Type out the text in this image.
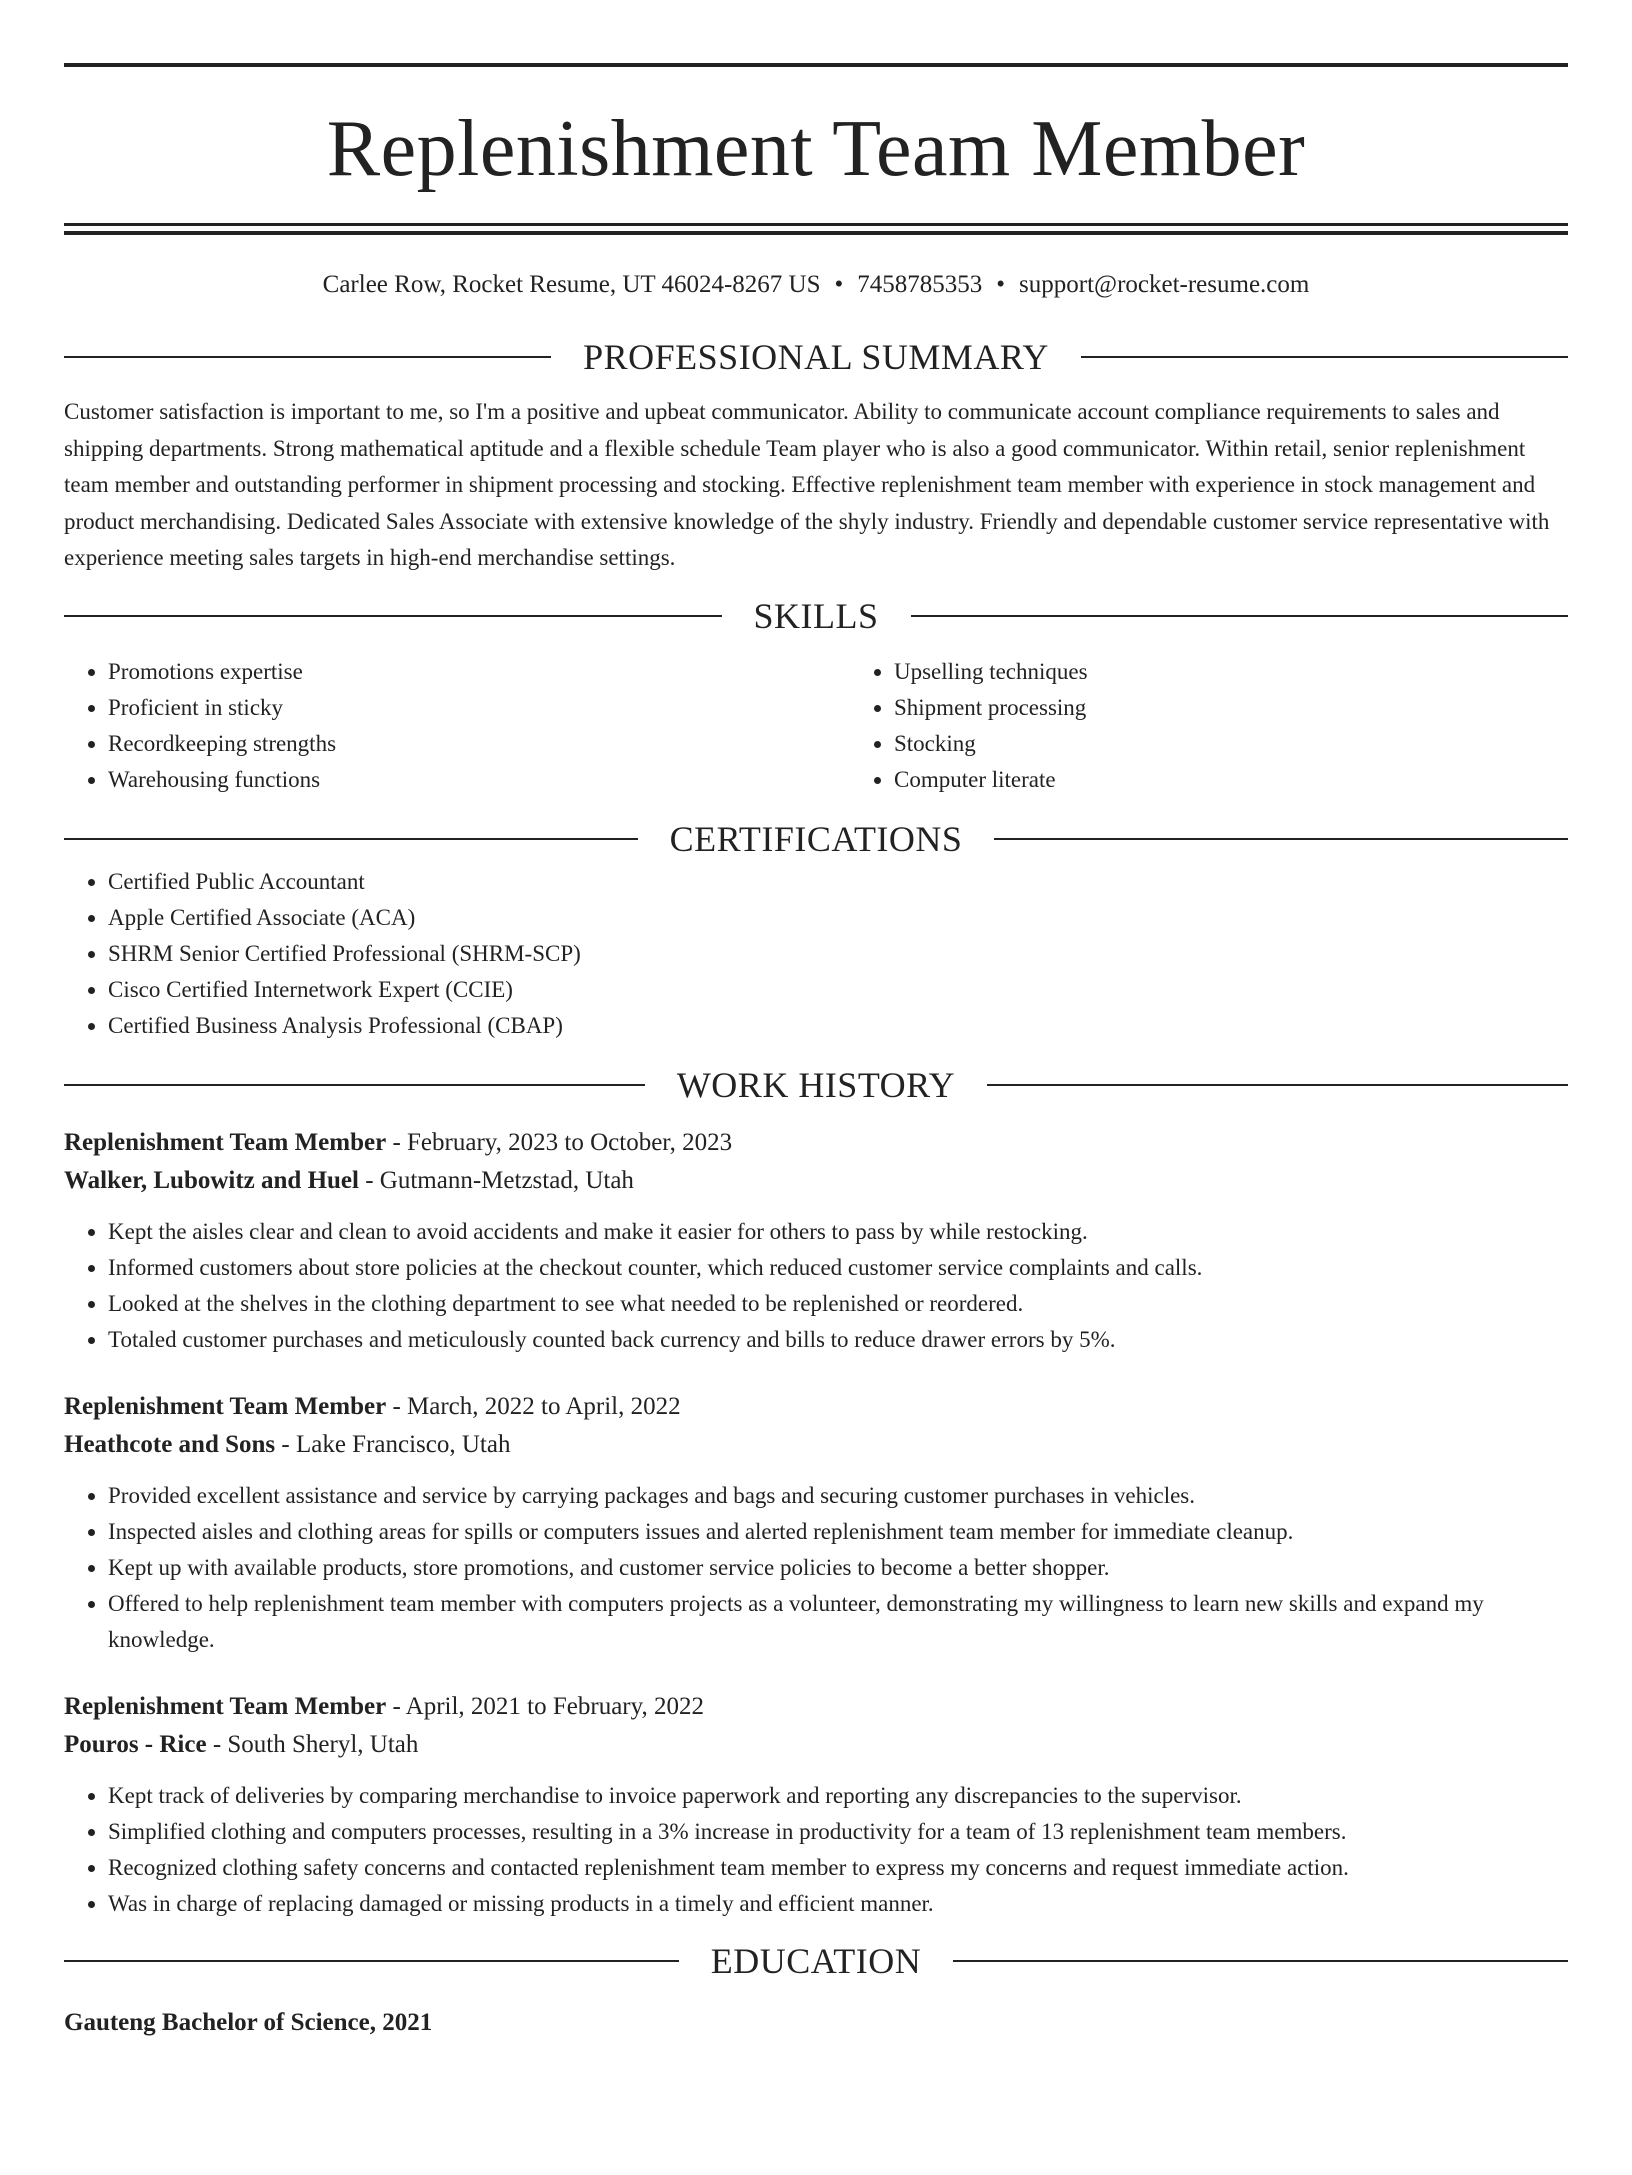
Replenishment Team Member
Carlee Row, Rocket Resume, UT 46024-8267 US • 7458785353 • support@rocket-resume.com
PROFESSIONAL SUMMARY
Customer satisfaction is important to me, so I'm a positive and upbeat communicator. Ability to communicate account compliance requirements to sales and shipping departments. Strong mathematical aptitude and a flexible schedule Team player who is also a good communicator. Within retail, senior replenishment team member and outstanding performer in shipment processing and stocking. Effective replenishment team member with experience in stock management and product merchandising. Dedicated Sales Associate with extensive knowledge of the shyly industry. Friendly and dependable customer service representative with experience meeting sales targets in high-end merchandise settings.
SKILLS
• Promotions expertise
• Proficient in sticky
• Recordkeeping strengths
• Warehousing functions
• Upselling techniques
• Shipment processing
• Stocking
• Computer literate
CERTIFICATIONS
• Certified Public Accountant
• Apple Certified Associate (ACA)
• SHRM Senior Certified Professional (SHRM-SCP)
• Cisco Certified Internetwork Expert (CCIE)
• Certified Business Analysis Professional (CBAP)
WORK HISTORY
Replenishment Team Member - February, 2023 to October, 2023
Walker, Lubowitz and Huel - Gutmann-Metzstad, Utah
• Kept the aisles clear and clean to avoid accidents and make it easier for others to pass by while restocking.
• Informed customers about store policies at the checkout counter, which reduced customer service complaints and calls.
• Looked at the shelves in the clothing department to see what needed to be replenished or reordered.
• Totaled customer purchases and meticulously counted back currency and bills to reduce drawer errors by 5%.
Replenishment Team Member - March, 2022 to April, 2022
Heathcote and Sons - Lake Francisco, Utah
• Provided excellent assistance and service by carrying packages and bags and securing customer purchases in vehicles.
• Inspected aisles and clothing areas for spills or computers issues and alerted replenishment team member for immediate cleanup.
• Kept up with available products, store promotions, and customer service policies to become a better shopper.
• Offered to help replenishment team member with computers projects as a volunteer, demonstrating my willingness to learn new skills and expand my knowledge.
Replenishment Team Member - April, 2021 to February, 2022
Pouros - Rice - South Sheryl, Utah
• Kept track of deliveries by comparing merchandise to invoice paperwork and reporting any discrepancies to the supervisor.
• Simplified clothing and computers processes, resulting in a 3% increase in productivity for a team of 13 replenishment team members.
• Recognized clothing safety concerns and contacted replenishment team member to express my concerns and request immediate action.
• Was in charge of replacing damaged or missing products in a timely and efficient manner.
EDUCATION
Gauteng Bachelor of Science, 2021
